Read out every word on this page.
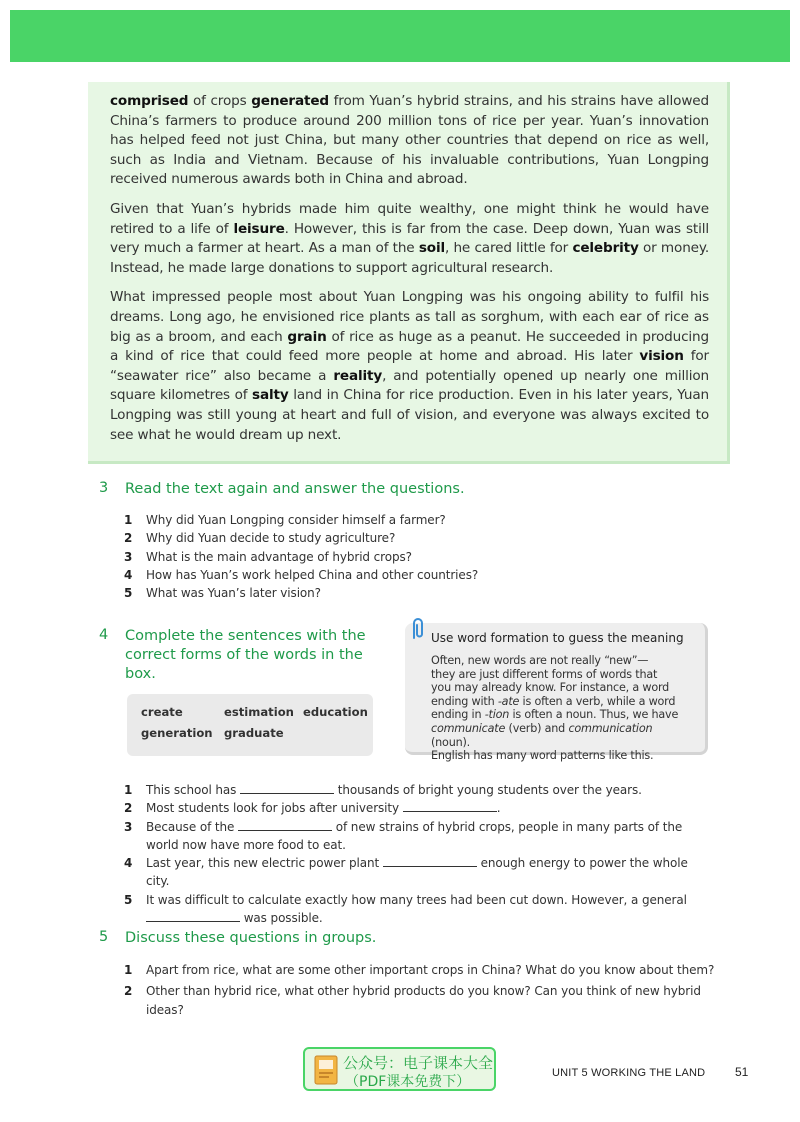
comprised of crops generated from Yuan’s hybrid strains, and his strains have allowed China’s farmers to produce around 200 million tons of rice per year. Yuan’s innovation has helped feed not just China, but many other countries that depend on rice as well, such as India and Vietnam. Because of his invaluable contributions, Yuan Longping received numerous awards both in China and abroad.

Given that Yuan’s hybrids made him quite wealthy, one might think he would have retired to a life of leisure. However, this is far from the case. Deep down, Yuan was still very much a farmer at heart. As a man of the soil, he cared little for celebrity or money. Instead, he made large donations to support agricultural research.

What impressed people most about Yuan Longping was his ongoing ability to fulfil his dreams. Long ago, he envisioned rice plants as tall as sorghum, with each ear of rice as big as a broom, and each grain of rice as huge as a peanut. He succeeded in producing a kind of rice that could feed more people at home and abroad. His later vision for “seawater rice” also became a reality, and potentially opened up nearly one million square kilometres of salty land in China for rice production. Even in his later years, Yuan Longping was still young at heart and full of vision, and everyone was always excited to see what he would dream up next.

3 Read the text again and answer the questions.
1 Why did Yuan Longping consider himself a farmer?
2 Why did Yuan decide to study agriculture?
3 What is the main advantage of hybrid crops?
4 How has Yuan’s work helped China and other countries?
5 What was Yuan’s later vision?
4 Complete the sentences with the
correct forms of the words in the
box.
create	estimation education
generation graduate
Use word formation to guess the meaning
Often, new words are not really “new”—
they are just different forms of words that
you may already know. For instance, a word
ending with -ate is often a verb, while a word
ending in -tion is often a noun. Thus, we have
communicate (verb) and communication (noun).
English has many word patterns like this.
1 This school has	thousands of bright young students over the years.
2 Most students look for jobs after university	.
3 Because of the	of new strains of hybrid crops, people in many parts of the world now have more food to eat.
4 Last year, this new electric power plant	enough energy to power the whole city.
5 It was difficult to calculate exactly how many trees had been cut down. However, a general  was possible.
5 Discuss these questions in groups.
1 Apart from rice, what are some other important crops in China? What do you know about them?
2 Other than hybrid rice, what other hybrid products do you know? Can you think of new hybrid ideas?
公众号：电子课本大全
（PDF课本免费下）
UNIT 5 WORKING THE LAND 51
